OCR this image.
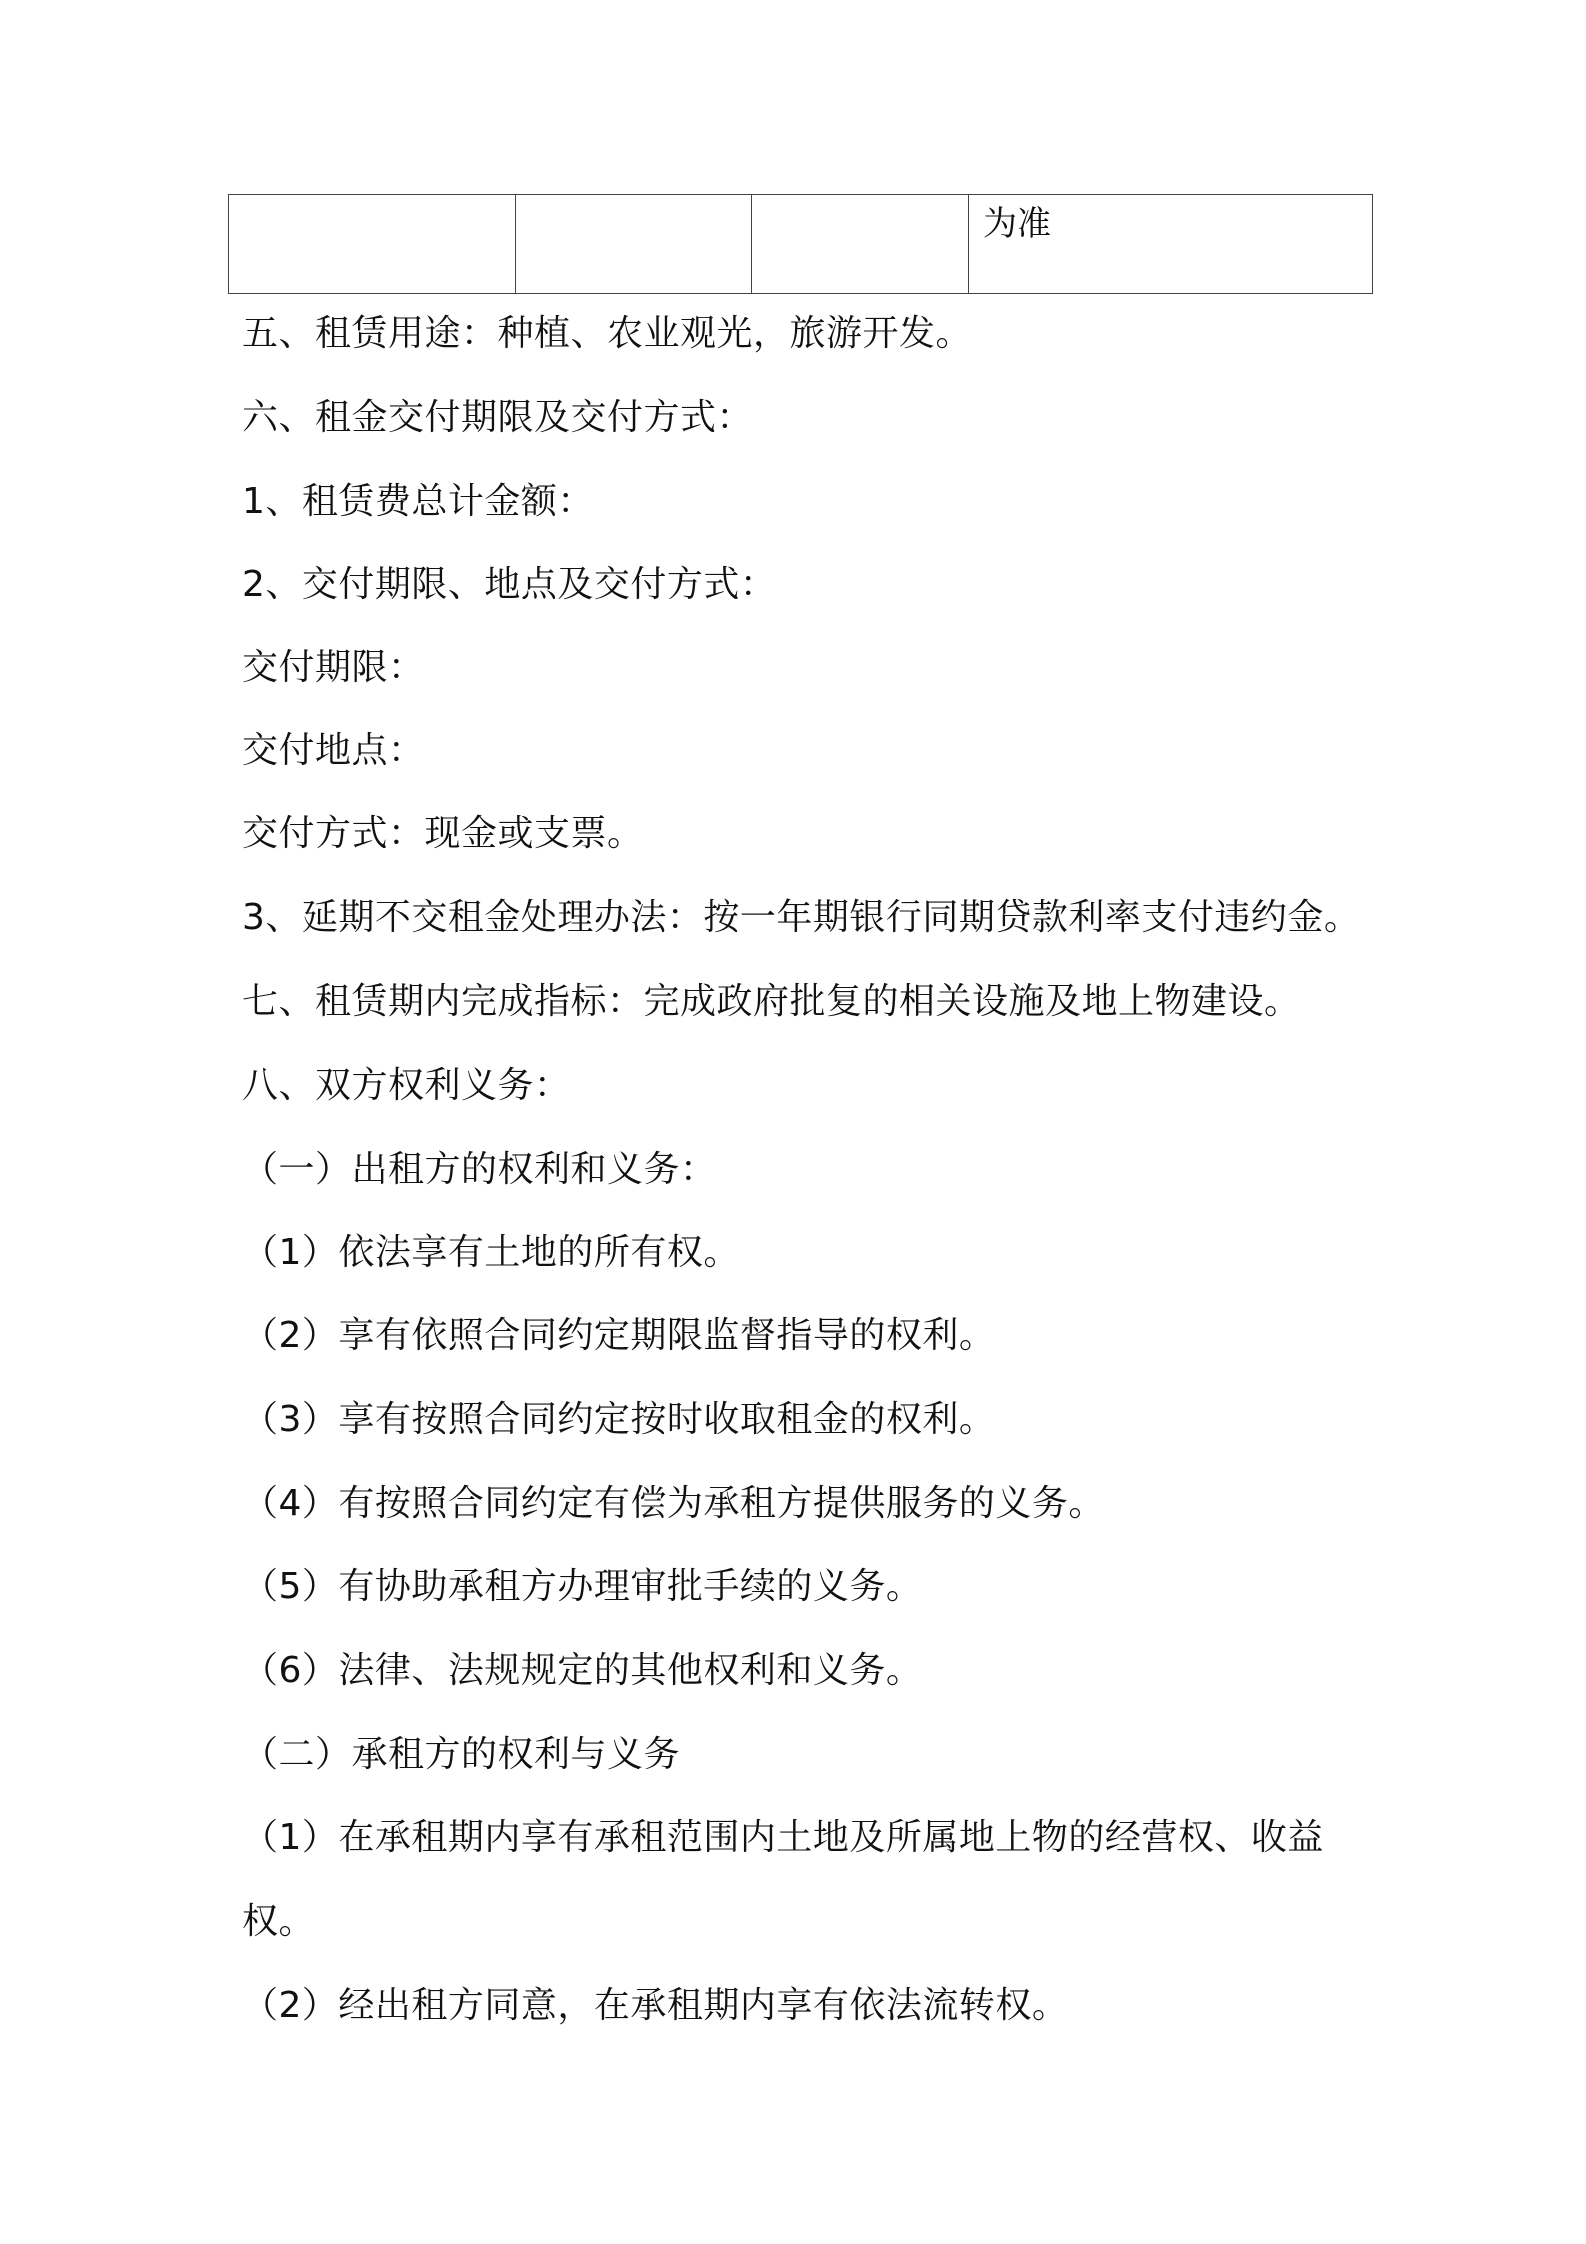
为准
五、租赁用途：种植、农业观光，旅游开发。
六、租金交付期限及交付方式：
1、租赁费总计金额：
2、交付期限、地点及交付方式：
交付期限：
交付地点：
交付方式：现金或支票。
3、延期不交租金处理办法：按一年期银行同期贷款利率支付违约金。
七、租赁期内完成指标：完成政府批复的相关设施及地上物建设。
八、双方权利义务：
（一）出租方的权利和义务：
（1）依法享有土地的所有权。
（2）享有依照合同约定期限监督指导的权利。
（3）享有按照合同约定按时收取租金的权利。
（4）有按照合同约定有偿为承租方提供服务的义务。
（5）有协助承租方办理审批手续的义务。
（6）法律、法规规定的其他权利和义务。
（二）承租方的权利与义务
（1）在承租期内享有承租范围内土地及所属地上物的经营权、收益
权。
（2）经出租方同意，在承租期内享有依法流转权。
